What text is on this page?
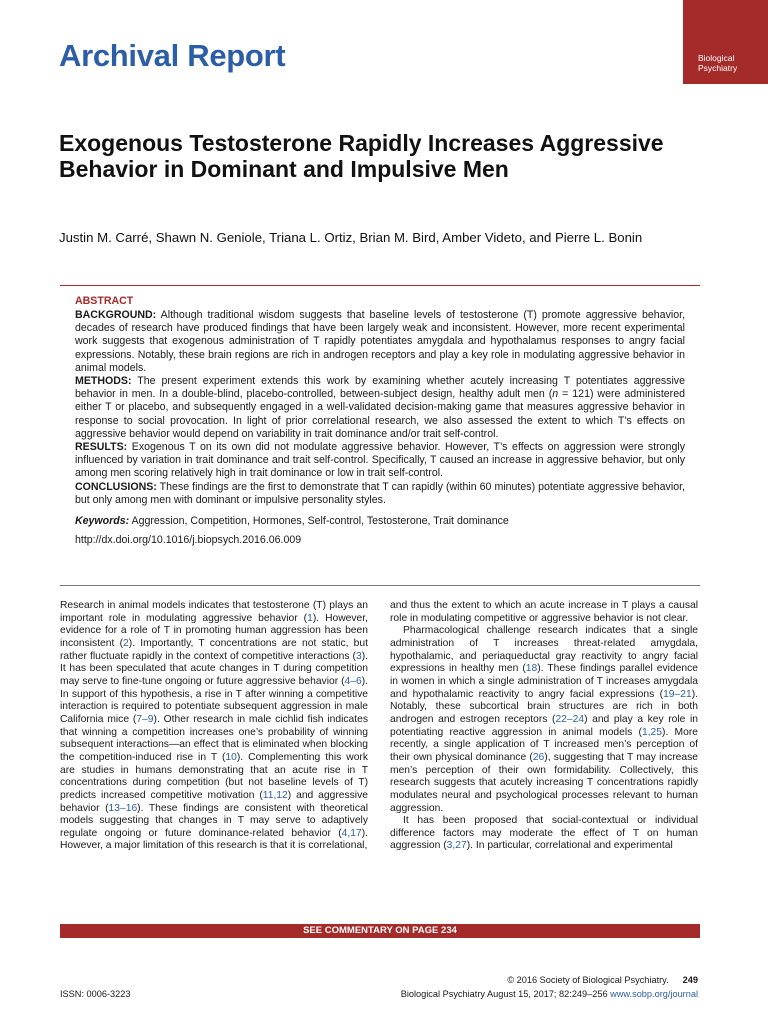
Archival Report	Biological
Psychiatry
Exogenous Testosterone Rapidly Increases Aggressive Behavior in Dominant and Impulsive Men
Justin M. Carré, Shawn N. Geniole, Triana L. Ortiz, Brian M. Bird, Amber Videto, and Pierre L. Bonin
ABSTRACT

BACKGROUND: Although traditional wisdom suggests that baseline levels of testosterone (T) promote aggressive behavior, decades of research have produced findings that have been largely weak and inconsistent. However, more recent experimental work suggests that exogenous administration of T rapidly potentiates amygdala and hypothalamus responses to angry facial expressions. Notably, these brain regions are rich in androgen receptors and play a key role in modulating aggressive behavior in animal models.

METHODS: The present experiment extends this work by examining whether acutely increasing T potentiates aggressive behavior in men. In a double-blind, placebo-controlled, between-subject design, healthy adult men (n = 121) were administered either T or placebo, and subsequently engaged in a well-validated decision-making game that measures aggressive behavior in response to social provocation. In light of prior correlational research, we also assessed the extent to which T’s effects on aggressive behavior would depend on variability in trait dominance and/or trait self-control.

RESULTS: Exogenous T on its own did not modulate aggressive behavior. However, T’s effects on aggression were strongly influenced by variation in trait dominance and trait self-control. Specifically, T caused an increase in aggressive behavior, but only among men scoring relatively high in trait dominance or low in trait self-control.

CONCLUSIONS: These findings are the first to demonstrate that T can rapidly (within 60 minutes) potentiate aggressive behavior, but only among men with dominant or impulsive personality styles.

Keywords: Aggression, Competition, Hormones, Self-control, Testosterone, Trait dominance

http://dx.doi.org/10.1016/j.biopsych.2016.06.009

Research in animal models indicates that testosterone (T) plays an important role in modulating aggressive behavior (1). However, evidence for a role of T in promoting human aggression has been inconsistent (2). Importantly, T concentrations are not static, but rather fluctuate rapidly in the context of competitive interactions (3). It has been speculated that acute changes in T during competition may serve to fine-tune ongoing or future aggressive behavior (4–6). In support of this hypothesis, a rise in T after winning a competitive interaction is required to potentiate subsequent aggression in male California mice (7–9). Other research in male cichlid fish indicates that winning a competition increases one’s probability of winning subsequent interactions—an effect that is eliminated when blocking the competition-induced rise in T (10). Complementing this work are studies in humans demonstrating that an acute rise in T concentrations during competition (but not baseline levels of T) predicts increased competitive motivation (11,12) and aggressive behavior (13–16). These findings are consistent with theoretical models suggesting that changes in T may serve to adaptively regulate ongoing or future dominance-related behavior (4,17). However, a major limitation of this research is that it is correlational,

and thus the extent to which an acute increase in T plays a causal role in modulating competitive or aggressive behavior is not clear.

Pharmacological challenge research indicates that a single administration of T increases threat-related amygdala, hypothalamic, and periaqueductal gray reactivity to angry facial expressions in healthy men (18). These findings parallel evidence in women in which a single administration of T increases amygdala and hypothalamic reactivity to angry facial expressions (19–21). Notably, these subcortical brain structures are rich in both androgen and estrogen receptors (22–24) and play a key role in potentiating reactive aggression in animal models (1,25). More recently, a single application of T increased men’s perception of their own physical dominance (26), suggesting that T may increase men’s perception of their own formidability. Collectively, this research suggests that acutely increasing T concentrations rapidly modulates neural and psychological processes relevant to human aggression.

It has been proposed that social-contextual or individual difference factors may moderate the effect of T on human aggression (3,27). In particular, correlational and experimental

SEE COMMENTARY ON PAGE 234
© 2016 Society of Biological Psychiatry. 249
Biological Psychiatry August 15, 2017; 82:249–256 www.sobp.org/journal
ISSN: 0006-3223
